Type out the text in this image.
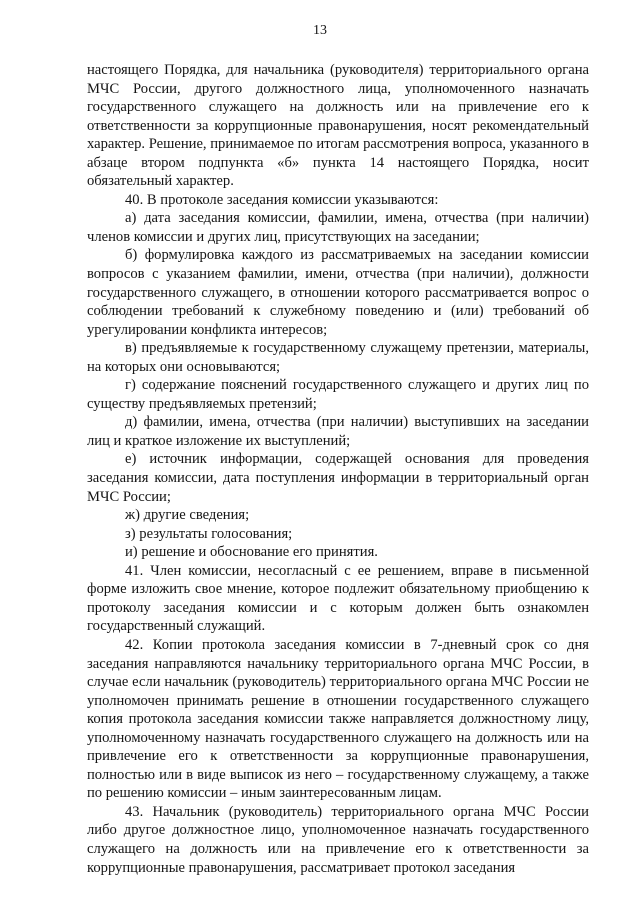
13

настоящего Порядка, для начальника (руководителя) территориального органа МЧС России, другого должностного лица, уполномоченного назначать государственного служащего на должность или на привлечение его к ответственности за коррупционные правонарушения, носят рекомендательный характер. Решение, принимаемое по итогам рассмотрения вопроса, указанного в абзаце втором подпункта «б» пункта 14 настоящего Порядка, носит обязательный характер.

40. В протоколе заседания комиссии указываются:

а) дата заседания комиссии, фамилии, имена, отчества (при наличии) членов комиссии и других лиц, присутствующих на заседании;

б) формулировка каждого из рассматриваемых на заседании комиссии вопросов с указанием фамилии, имени, отчества (при наличии), должности государственного служащего, в отношении которого рассматривается вопрос о соблюдении требований к служебному поведению и (или) требований об урегулировании конфликта интересов;

в) предъявляемые к государственному служащему претензии, материалы, на которых они основываются;

г) содержание пояснений государственного служащего и других лиц по существу предъявляемых претензий;

д) фамилии, имена, отчества (при наличии) выступивших на заседании лиц и краткое изложение их выступлений;

е) источник информации, содержащей основания для проведения заседания комиссии, дата поступления информации в территориальный орган МЧС России;

ж) другие сведения;

з) результаты голосования;

и) решение и обоснование его принятия.

41. Член комиссии, несогласный с ее решением, вправе в письменной форме изложить свое мнение, которое подлежит обязательному приобщению к протоколу заседания комиссии и с которым должен быть ознакомлен государственный служащий.

42. Копии протокола заседания комиссии в 7-дневный срок со дня заседания направляются начальнику территориального органа МЧС России, в случае если начальник (руководитель) территориального органа МЧС России не уполномочен принимать решение в отношении государственного служащего копия протокола заседания комиссии также направляется должностному лицу, уполномоченному назначать государственного служащего на должность или на привлечение его к ответственности за коррупционные правонарушения, полностью или в виде выписок из него – государственному служащему, а также по решению комиссии – иным заинтересованным лицам.

43. Начальник (руководитель) территориального органа МЧС России либо другое должностное лицо, уполномоченное назначать государственного служащего на должность или на привлечение его к ответственности за коррупционные правонарушения, рассматривает протокол заседания
